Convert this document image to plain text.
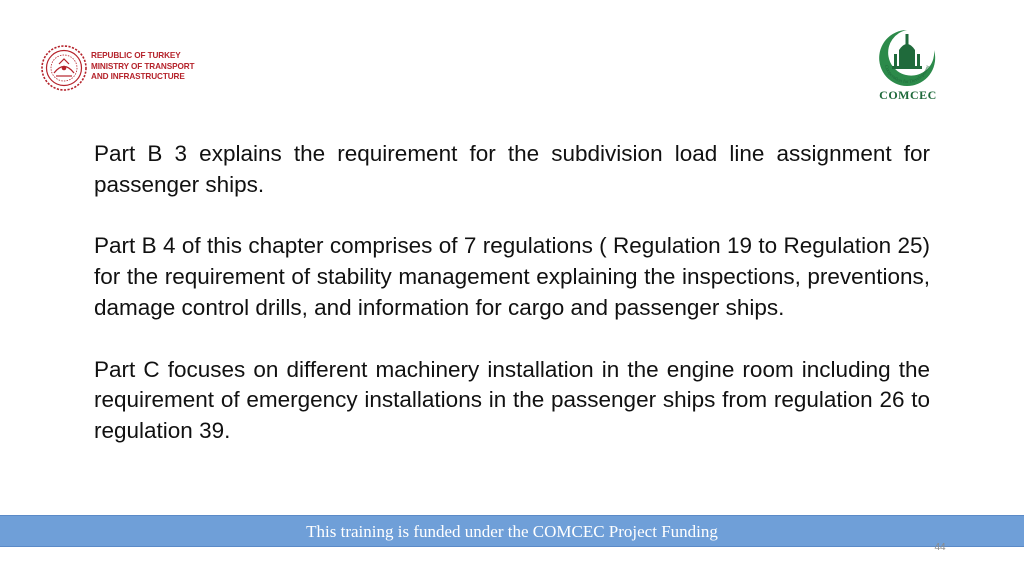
REPUBLIC OF TURKEY
MINISTRY OF TRANSPORT
AND INFRASTRUCTURE
Cooperation for Development
COMCEC

Part B 3 explains the requirement for the subdivision load line assignment for passenger ships.

Part B 4 of this chapter comprises of 7 regulations ( Regulation 19 to Regulation 25) for the requirement of stability management explaining the inspections, preventions, damage control drills, and information for cargo and passenger ships.

Part C focuses on different machinery installation in the engine room including the requirement of emergency installations in the passenger ships from regulation 26 to regulation 39.

This training is funded under the COMCEC Project Funding
44
